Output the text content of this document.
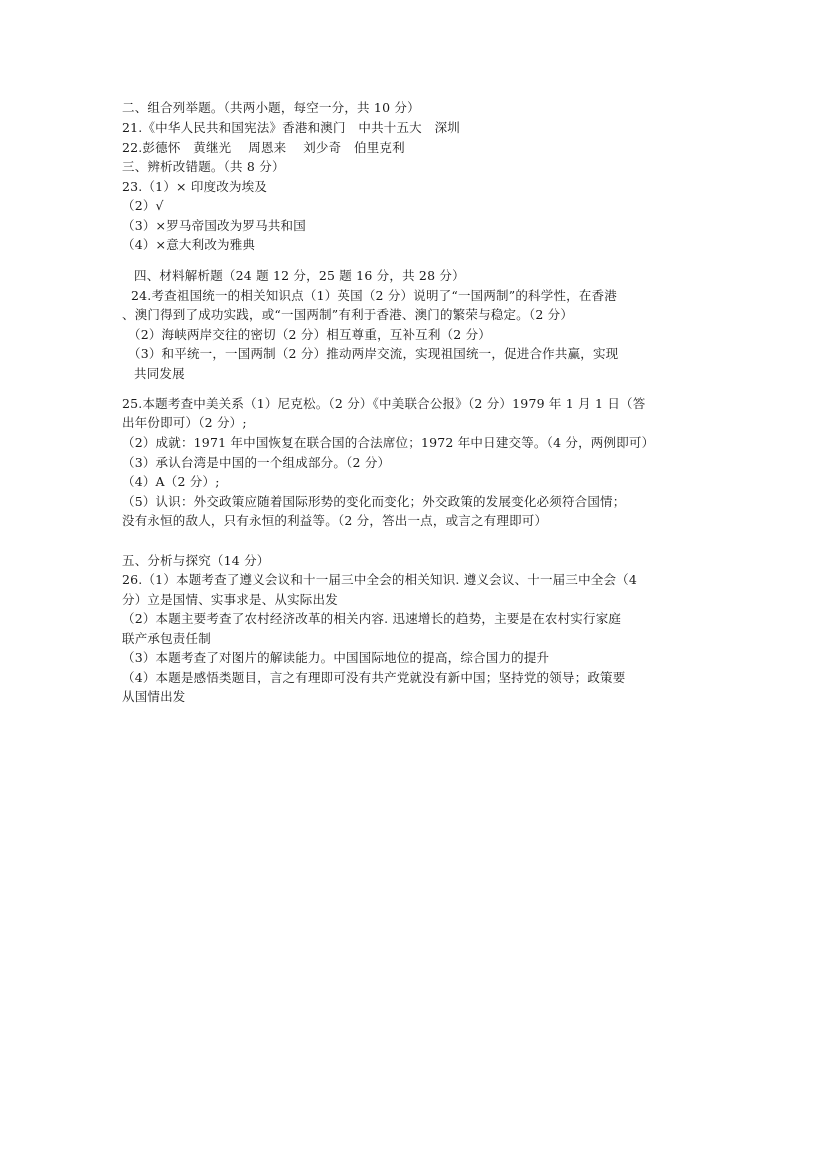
二、组合列举题。（共两小题，每空一分，共 10 分）
21.《中华人民共和国宪法》香港和澳门　中共十五大　深圳
22.彭德怀　黄继光　 周恩来　 刘少奇　伯里克利
三、辨析改错题。（共 8 分）
23.（1）× 印度改为埃及
（2）√
（3）×罗马帝国改为罗马共和国
（4）×意大利改为雅典
四、材料解析题（24 题 12 分，25 题 16 分，共 28 分）
24.考查祖国统一的相关知识点（1）英国（2 分）说明了“一国两制”的科学性，在香港
、澳门得到了成功实践，或“一国两制”有利于香港、澳门的繁荣与稳定。（2 分）
（2）海峡两岸交往的密切（2 分）相互尊重，互补互利（2 分）
（3）和平统一，一国两制（2 分）推动两岸交流，实现祖国统一，促进合作共赢，实现
共同发展
25.本题考查中美关系（1）尼克松。（2 分）《中美联合公报》（2 分）1979 年 1 月 1 日（答
出年份即可）（2 分）;
（2）成就：1971 年中国恢复在联合国的合法席位；1972 年中日建交等。（4 分，两例即可）
（3）承认台湾是中国的一个组成部分。（2 分）
（4）A（2 分）;
（5）认识：外交政策应随着国际形势的变化而变化；外交政策的发展变化必须符合国情；
没有永恒的敌人，只有永恒的利益等。（2 分，答出一点，或言之有理即可）
五、分析与探究（14 分）
26.（1）本题考查了遵义会议和十一届三中全会的相关知识. 遵义会议、十一届三中全会（4
分）立是国情、实事求是、从实际出发
（2）本题主要考查了农村经济改革的相关内容. 迅速增长的趋势，主要是在农村实行家庭
联产承包责任制
（3）本题考查了对图片的解读能力。中国国际地位的提高，综合国力的提升
（4）本题是感悟类题目，言之有理即可没有共产党就没有新中国；坚持党的领导；政策要
从国情出发
